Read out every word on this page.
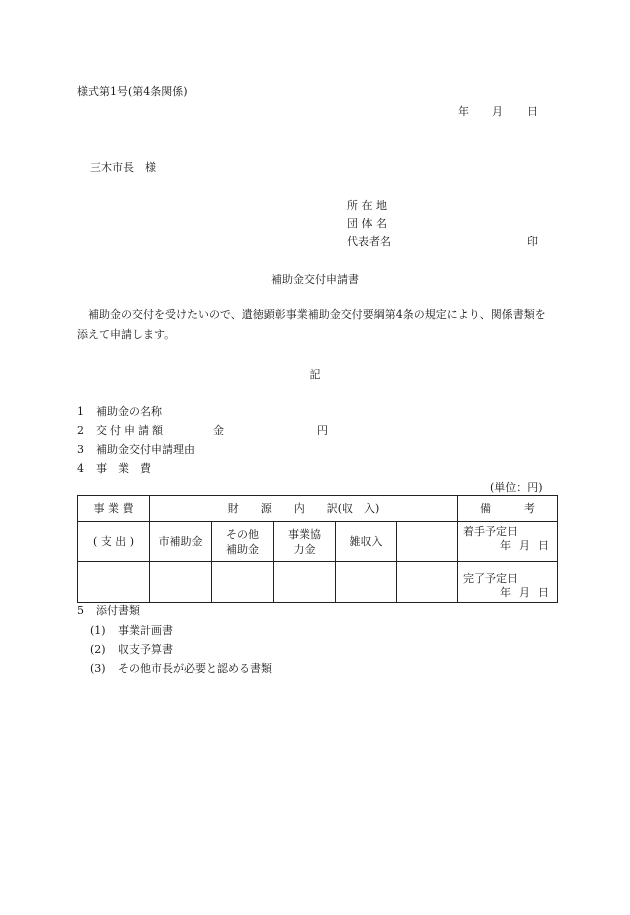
様式第1号(第4条関係)
年 月 日
三木市長　様
所 在 地
団 体 名
代表者名	印
補助金交付申請書
補助金の交付を受けたいので、遺徳顕彰事業補助金交付要綱第4条の規定により、関係書類を添えて申請します。
記
1 補助金の名称
2 交付申請額	金	円
3 補助金交付申請理由
4 事　業　費
(単位：円)
事 業 費	財　　源　　内　　訳(収　入)					備　　　考
( 支 出 )	市補助金	その他補助金	事業協力金	雑収入		着手予定日
年 月 日

						完了予定日
年 月 日
5 添付書類
(1) 事業計画書
(2) 収支予算書
(3) その他市長が必要と認める書類
